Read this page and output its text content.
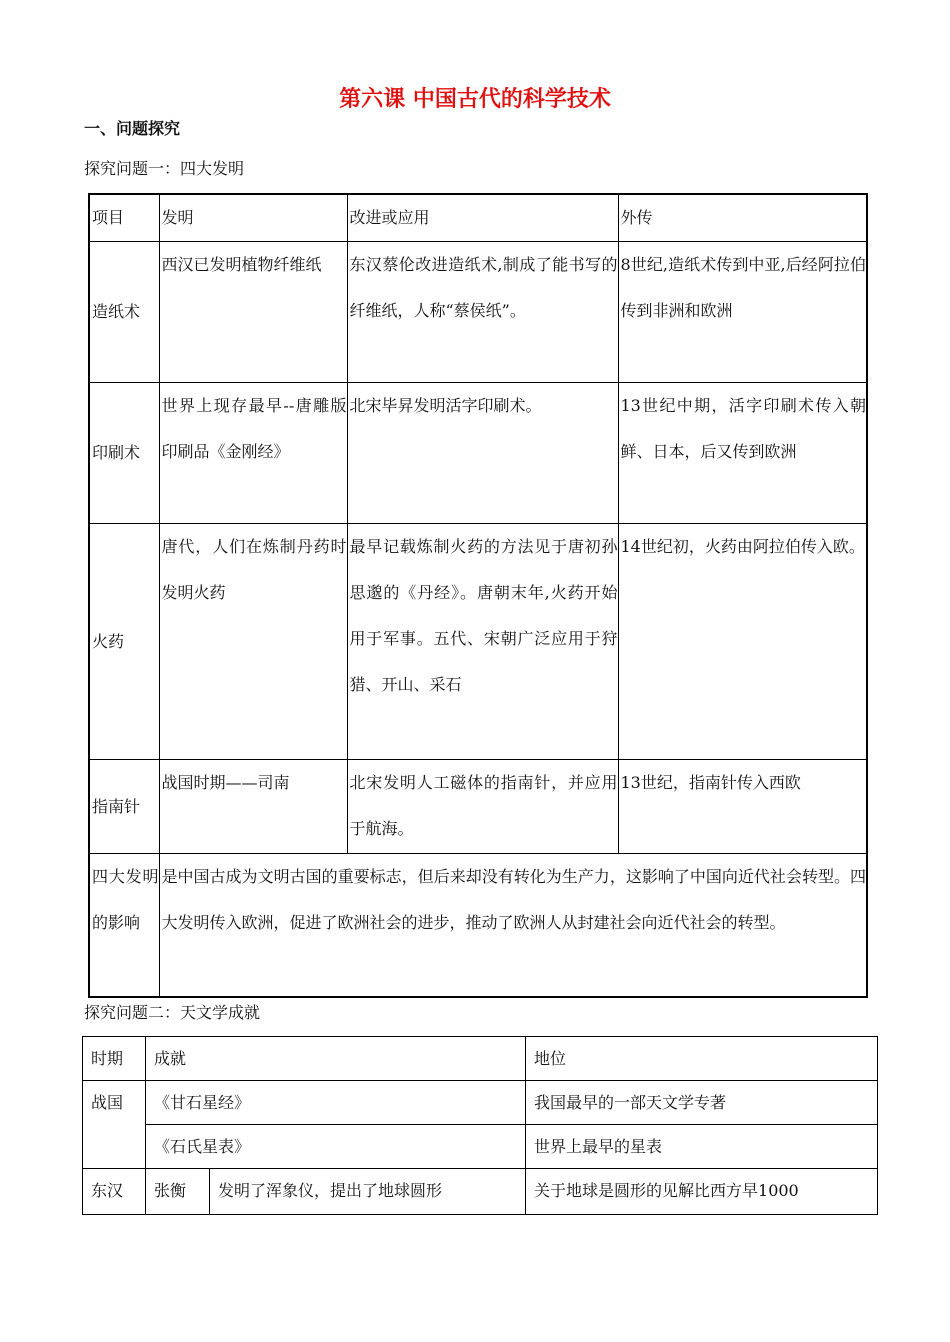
第六课 中国古代的科学技术
一、问题探究
探究问题一：四大发明
项目	发明	改进或应用	外传
造纸术	西汉已发明植物纤维纸	东汉蔡伦改进造纸术,制成了能书写的纤维纸，人称“蔡侯纸”。	8世纪,造纸术传到中亚,后经阿拉伯传到非洲和欧洲
印刷术	世界上现存最早--唐雕版印刷品《金刚经》	北宋毕昇发明活字印刷术。	13世纪中期，活字印刷术传入朝鲜、日本，后又传到欧洲
火药	唐代，人们在炼制丹药时发明火药	最早记载炼制火药的方法见于唐初孙思邈的《丹经》。唐朝末年,火药开始用于军事。五代、宋朝广泛应用于狩猎、开山、采石	14世纪初，火药由阿拉伯传入欧。
指南针	战国时期——司南	北宋发明人工磁体的指南针，并应用于航海。	13世纪，指南针传入西欧
四大发明的影响	是中国古成为文明古国的重要标志，但后来却没有转化为生产力，这影响了中国向近代社会转型。四大发明传入欧洲，促进了欧洲社会的进步，推动了欧洲人从封建社会向近代社会的转型。		
探究问题二：天文学成就
时期	成就		地位
战国	《甘石星经》		我国最早的一部天文学专著
	《石氏星表》		世界上最早的星表
东汉	张衡	发明了浑象仪，提出了地球圆形	关于地球是圆形的见解比西方早1000
